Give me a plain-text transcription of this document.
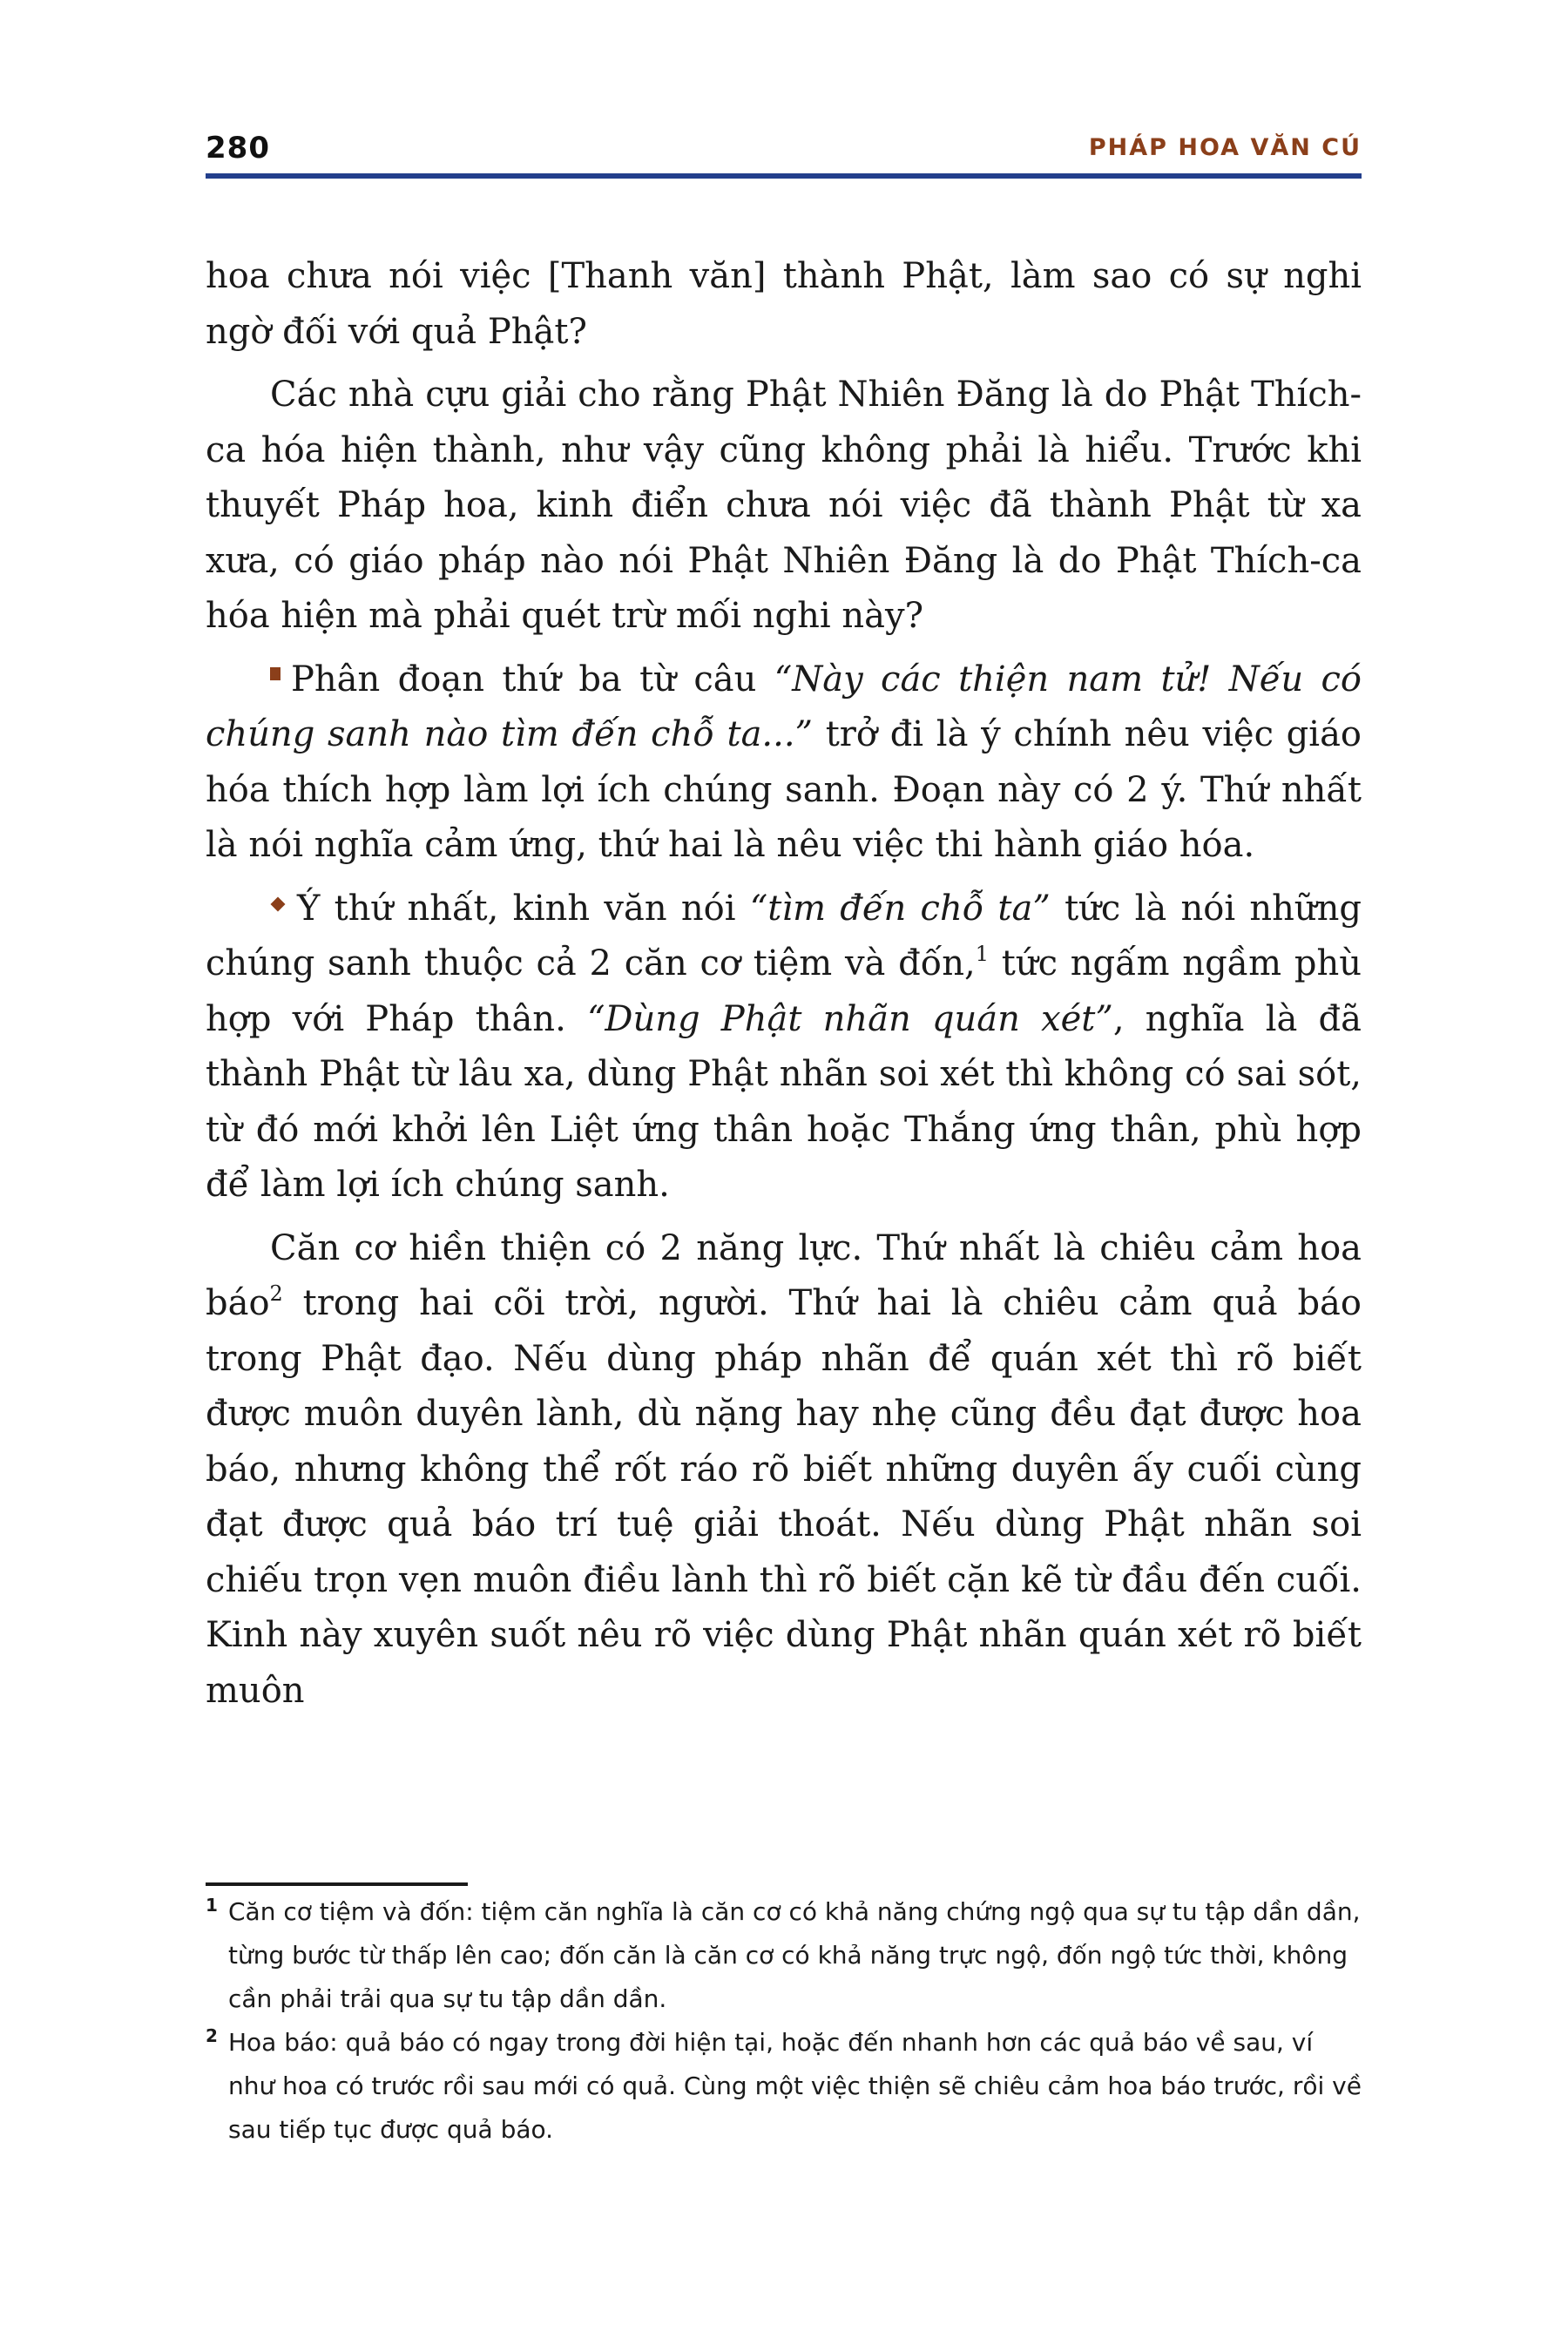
280	PHÁP HOA VĂN CÚ

hoa chưa nói việc [Thanh văn] thành Phật, làm sao có sự nghi ngờ đối với quả Phật?

Các nhà cựu giải cho rằng Phật Nhiên Đăng là do Phật Thích-ca hóa hiện thành, như vậy cũng không phải là hiểu. Trước khi thuyết Pháp hoa, kinh điển chưa nói việc đã thành Phật từ xa xưa, có giáo pháp nào nói Phật Nhiên Đăng là do Phật Thích-ca hóa hiện mà phải quét trừ mối nghi này?

Phân đoạn thứ ba từ câu “Này các thiện nam tử! Nếu có chúng sanh nào tìm đến chỗ ta...” trở đi là ý chính nêu việc giáo hóa thích hợp làm lợi ích chúng sanh. Đoạn này có 2 ý. Thứ nhất là nói nghĩa cảm ứng, thứ hai là nêu việc thi hành giáo hóa.

Ý thứ nhất, kinh văn nói “tìm đến chỗ ta” tức là nói những chúng sanh thuộc cả 2 căn cơ tiệm và đốn,$^1$ tức ngấm ngầm phù hợp với Pháp thân. “Dùng Phật nhãn quán xét”, nghĩa là đã thành Phật từ lâu xa, dùng Phật nhãn soi xét thì không có sai sót, từ đó mới khởi lên Liệt ứng thân hoặc Thắng ứng thân, phù hợp để làm lợi ích chúng sanh.

Căn cơ hiền thiện có 2 năng lực. Thứ nhất là chiêu cảm hoa báo$^2$ trong hai cõi trời, người. Thứ hai là chiêu cảm quả báo trong Phật đạo. Nếu dùng pháp nhãn để quán xét thì rõ biết được muôn duyên lành, dù nặng hay nhẹ cũng đều đạt được hoa báo, nhưng không thể rốt ráo rõ biết những duyên ấy cuối cùng đạt được quả báo trí tuệ giải thoát. Nếu dùng Phật nhãn soi chiếu trọn vẹn muôn điều lành thì rõ biết cặn kẽ từ đầu đến cuối. Kinh này xuyên suốt nêu rõ việc dùng Phật nhãn quán xét rõ biết muôn

1 Căn cơ tiệm và đốn: tiệm căn nghĩa là căn cơ có khả năng chứng ngộ qua sự tu tập dần dần, từng bước từ thấp lên cao; đốn căn là căn cơ có khả năng trực ngộ, đốn ngộ tức thời, không cần phải trải qua sự tu tập dần dần.

2 Hoa báo: quả báo có ngay trong đời hiện tại, hoặc đến nhanh hơn các quả báo về sau, ví như hoa có trước rồi sau mới có quả. Cùng một việc thiện sẽ chiêu cảm hoa báo trước, rồi về sau tiếp tục được quả báo.
